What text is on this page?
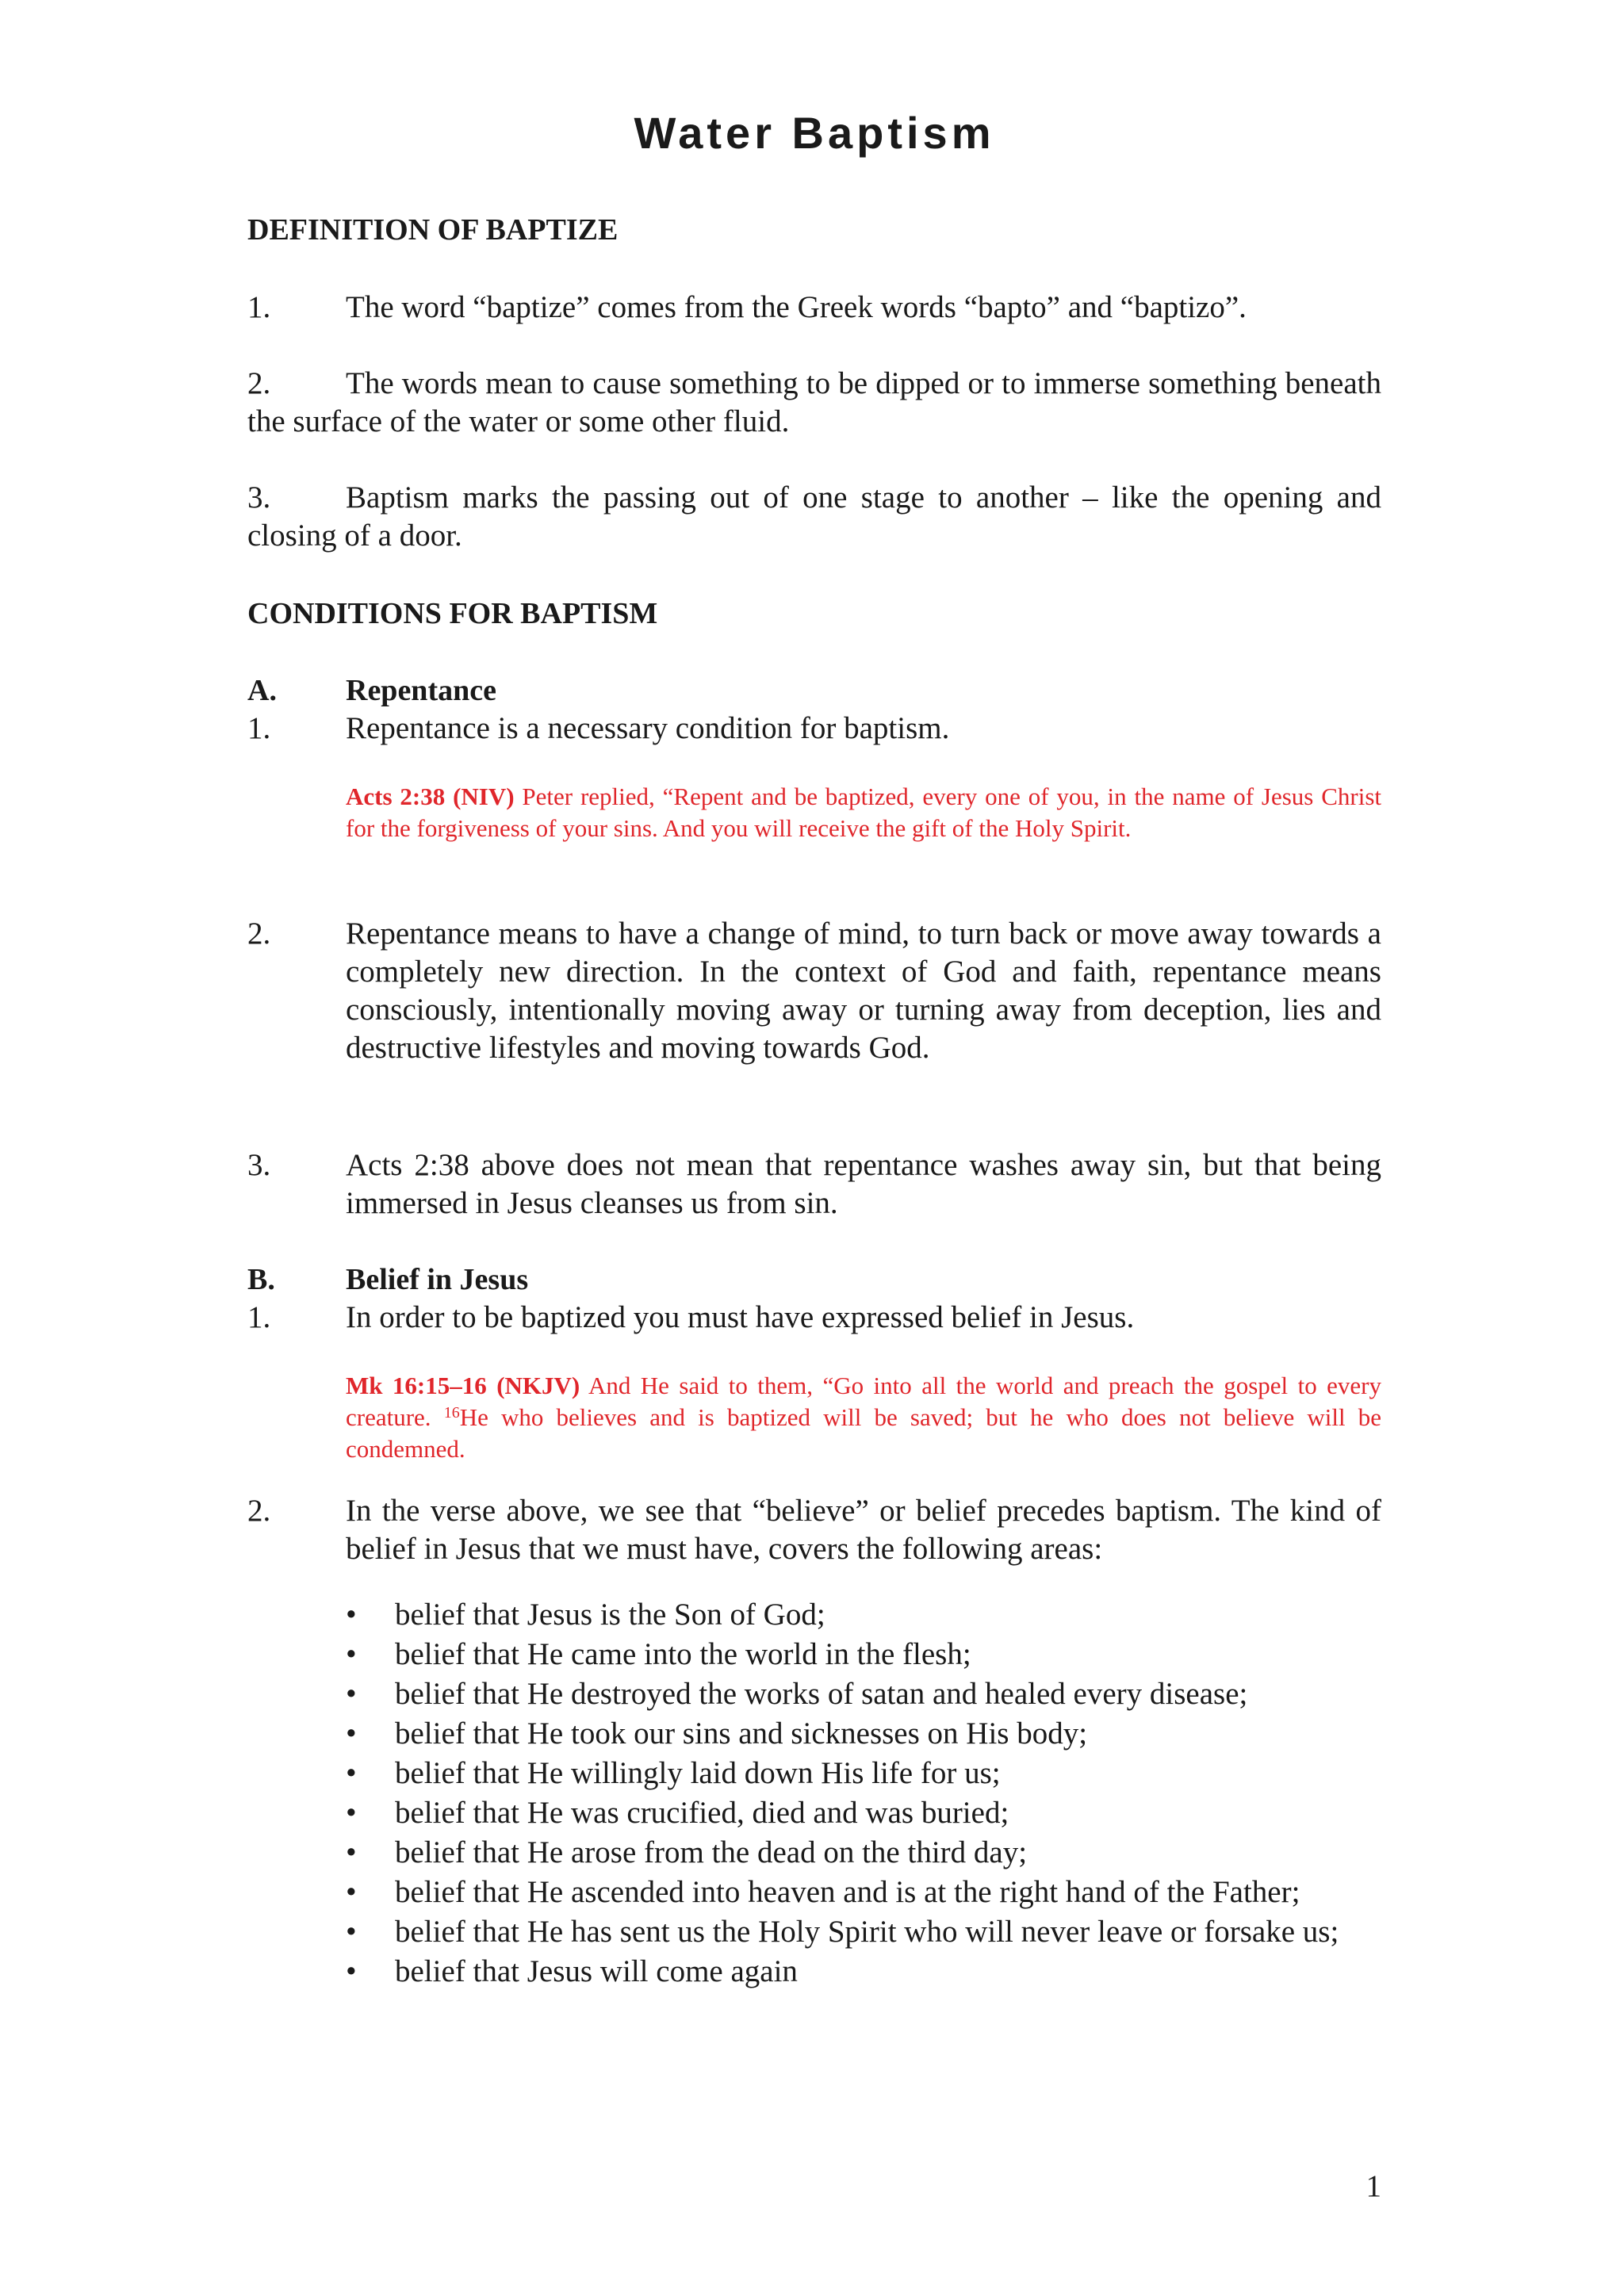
Water Baptism
DEFINITION OF BAPTIZE
1. The word “baptize” comes from the Greek words “bapto” and “baptizo”.
2. The words mean to cause something to be dipped or to immerse something beneath the surface of the water or some other fluid.
3. Baptism marks the passing out of one stage to another – like the opening and closing of a door.
CONDITIONS FOR BAPTISM
A. Repentance
1. Repentance is a necessary condition for baptism.
Acts 2:38 (NIV) Peter replied, “Repent and be baptized, every one of you, in the name of Jesus Christ for the forgiveness of your sins. And you will receive the gift of the Holy Spirit.
2. Repentance means to have a change of mind, to turn back or move away towards a completely new direction. In the context of God and faith, repentance means consciously, intentionally moving away or turning away from deception, lies and destructive lifestyles and moving towards God.
3. Acts 2:38 above does not mean that repentance washes away sin, but that being immersed in Jesus cleanses us from sin.
B. Belief in Jesus
1. In order to be baptized you must have expressed belief in Jesus.
Mk 16:15–16 (NKJV) And He said to them, “Go into all the world and preach the gospel to every creature. $^{16}$He who believes and is baptized will be saved; but he who does not believe will be condemned.
2. In the verse above, we see that “believe” or belief precedes baptism. The kind of belief in Jesus that we must have, covers the following areas:
• belief that Jesus is the Son of God;
• belief that He came into the world in the flesh;
• belief that He destroyed the works of satan and healed every disease;
• belief that He took our sins and sicknesses on His body;
• belief that He willingly laid down His life for us;
• belief that He was crucified, died and was buried;
• belief that He arose from the dead on the third day;
• belief that He ascended into heaven and is at the right hand of the Father;
• belief that He has sent us the Holy Spirit who will never leave or forsake us;
• belief that Jesus will come again
1
